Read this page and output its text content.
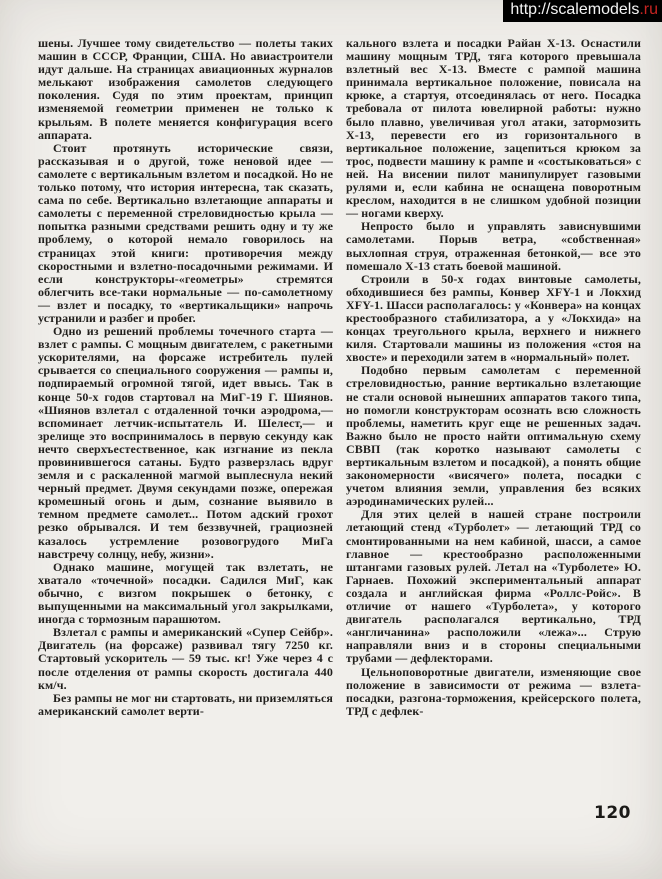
http://scalemodels.ru

шены. Лучшее тому свидетельство — полеты таких машин в СССР, Франции, США. Но авиастроители идут дальше. На страницах авиационных журналов мелькают изображения самолетов следующего поколения. Судя по этим проектам, принцип изменяемой геометрии применен не только к крыльям. В полете меняется конфигурация всего аппарата.

Стоит протянуть исторические связи, рассказывая и о другой, тоже неновой идее — самолете с вертикальным взлетом и посадкой. Но не только потому, что история интересна, так сказать, сама по себе. Вертикально взлетающие аппараты и самолеты с переменной стреловидностью крыла — попытка разными средствами решить одну и ту же проблему, о которой немало говорилось на страницах этой книги: противоречия между скоростными и взлетно-посадочными режимами. И если конструкторы-«геометры» стремятся облегчить все-таки нормальные — по-самолетному — взлет и посадку, то «вертикальщики» напрочь устранили и разбег и пробег.

Одно из решений проблемы точечного старта — взлет с рампы. С мощным двигателем, с ракетными ускорителями, на форсаже истребитель пулей срывается со специального сооружения — рампы и, подпираемый огромной тягой, идет ввысь. Так в конце 50-х годов стартовал на МиГ-19 Г. Шиянов. «Шиянов взлетал с отдаленной точки аэродрома,— вспоминает летчик-испытатель И. Шелест,— и зрелище это воспринималось в первую секунду как нечто сверхъестественное, как изгнание из пекла провинившегося сатаны. Будто разверзлась вдруг земля и с раскаленной магмой выплеснула некий черный предмет. Двумя секундами позже, опережая кромешный огонь и дым, сознание выявило в темном предмете самолет... Потом адский грохот резко обрывался. И тем беззвучней, грациозней казалось устремление розовогрудого МиГа навстречу солнцу, небу, жизни».

Однако машине, могущей так взлетать, не хватало «точечной» посадки. Садился МиГ, как обычно, с визгом покрышек о бетонку, с выпущенными на максимальный угол закрылками, иногда с тормозным парашютом.

Взлетал с рампы и американский «Супер Сейбр». Двигатель (на форсаже) развивал тягу 7250 кг. Стартовый ускоритель — 59 тыс. кг! Уже через 4 с после отделения от рампы скорость достигала 440 км/ч.

Без рампы не мог ни стартовать, ни приземляться американский самолет верти-

кального взлета и посадки Райан Х-13. Оснастили машину мощным ТРД, тяга которого превышала взлетный вес Х-13. Вместе с рампой машина принимала вертикальное положение, повисала на крюке, а стартуя, отсоединялась от него. Посадка требовала от пилота ювелирной работы: нужно было плавно, увеличивая угол атаки, затормозить Х-13, перевести его из горизонтального в вертикальное положение, зацепиться крюком за трос, подвести машину к рампе и «состыковаться» с ней. На висении пилот манипулирует газовыми рулями и, если кабина не оснащена поворотным креслом, находится в не слишком удобной позиции — ногами кверху.

Непросто было и управлять зависнувшими самолетами. Порыв ветра, «собственная» выхлопная струя, отраженная бетонкой,— все это помешало Х-13 стать боевой машиной.

Строили в 50-х годах винтовые самолеты, обходившиеся без рампы, Конвер XFY-1 и Локхид XFY-1. Шасси располагалось: у «Конвера» на концах крестообразного стабилизатора, а у «Локхида» на концах треугольного крыла, верхнего и нижнего киля. Стартовали машины из положения «стоя на хвосте» и переходили затем в «нормальный» полет.

Подобно первым самолетам с переменной стреловидностью, ранние вертикально взлетающие не стали основой нынешних аппаратов такого типа, но помогли конструкторам осознать всю сложность проблемы, наметить круг еще не решенных задач. Важно было не просто найти оптимальную схему СВВП (так коротко называют самолеты с вертикальным взлетом и посадкой), а понять общие закономерности «висячего» полета, посадки с учетом влияния земли, управления без всяких аэродинамических рулей...

Для этих целей в нашей стране построили летающий стенд «Турболет» — летающий ТРД со смонтированными на нем кабиной, шасси, а самое главное — крестообразно расположенными штангами газовых рулей. Летал на «Турболете» Ю. Гарнаев. Похожий экспериментальный аппарат создала и английская фирма «Роллс-Ройс». В отличие от нашего «Турболета», у которого двигатель располагался вертикально, ТРД «англичанина» расположили «лежа»... Струю направляли вниз и в стороны специальными трубами — дефлекторами.

Цельноповоротные двигатели, изменяющие свое положение в зависимости от режима — взлета-посадки, разгона-торможения, крейсерского полета, ТРД с дефлек-

120
